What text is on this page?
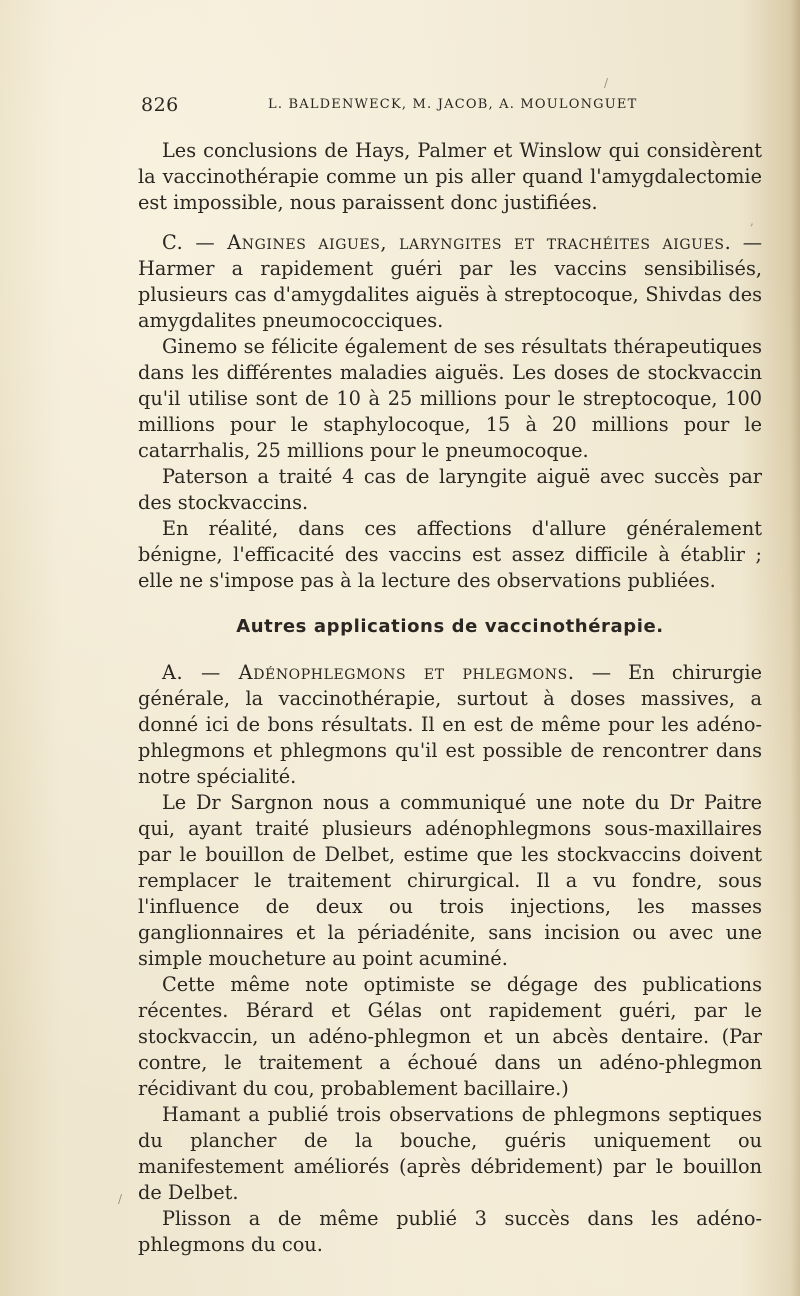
826	L. BALDENWECK, M. JACOB, A. MOULONGUET

Les conclusions de Hays, Palmer et Winslow qui considèrent la vaccinothérapie comme un pis aller quand l'amygdalectomie est impossible, nous paraissent donc justifiées.

C. — Angines aigues, laryngites et trachéites aigues. — Harmer a rapidement guéri par les vaccins sensibilisés, plusieurs cas d'amygdalites aiguës à streptocoque, Shivdas des amygdalites pneumococciques.

Ginemo se félicite également de ses résultats thérapeutiques dans les différentes maladies aiguës. Les doses de stockvaccin qu'il utilise sont de 10 à 25 millions pour le streptocoque, 100 millions pour le staphylocoque, 15 à 20 millions pour le catarrhalis, 25 millions pour le pneumocoque.

Paterson a traité 4 cas de laryngite aiguë avec succès par des stockvaccins.

En réalité, dans ces affections d'allure généralement bénigne, l'efficacité des vaccins est assez difficile à établir ; elle ne s'impose pas à la lecture des observations publiées.

Autres applications de vaccinothérapie.

A. — Adénophlegmons et phlegmons. — En chirurgie générale, la vaccinothérapie, surtout à doses massives, a donné ici de bons résultats. Il en est de même pour les adéno-phlegmons et phlegmons qu'il est possible de rencontrer dans notre spécialité.

Le Dr Sargnon nous a communiqué une note du Dr Paitre qui, ayant traité plusieurs adénophlegmons sous-maxillaires par le bouillon de Delbet, estime que les stockvaccins doivent remplacer le traitement chirurgical. Il a vu fondre, sous l'influence de deux ou trois injections, les masses ganglionnaires et la périadénite, sans incision ou avec une simple moucheture au point acuminé.

Cette même note optimiste se dégage des publications récentes. Bérard et Gélas ont rapidement guéri, par le stockvaccin, un adéno-phlegmon et un abcès dentaire. (Par contre, le traitement a échoué dans un adéno-phlegmon récidivant du cou, probablement bacillaire.)

Hamant a publié trois observations de phlegmons septiques du plancher de la bouche, guéris uniquement ou manifestement améliorés (après débridement) par le bouillon de Delbet.

Plisson a de même publié 3 succès dans les adéno-phlegmons du cou.

/
,
/
